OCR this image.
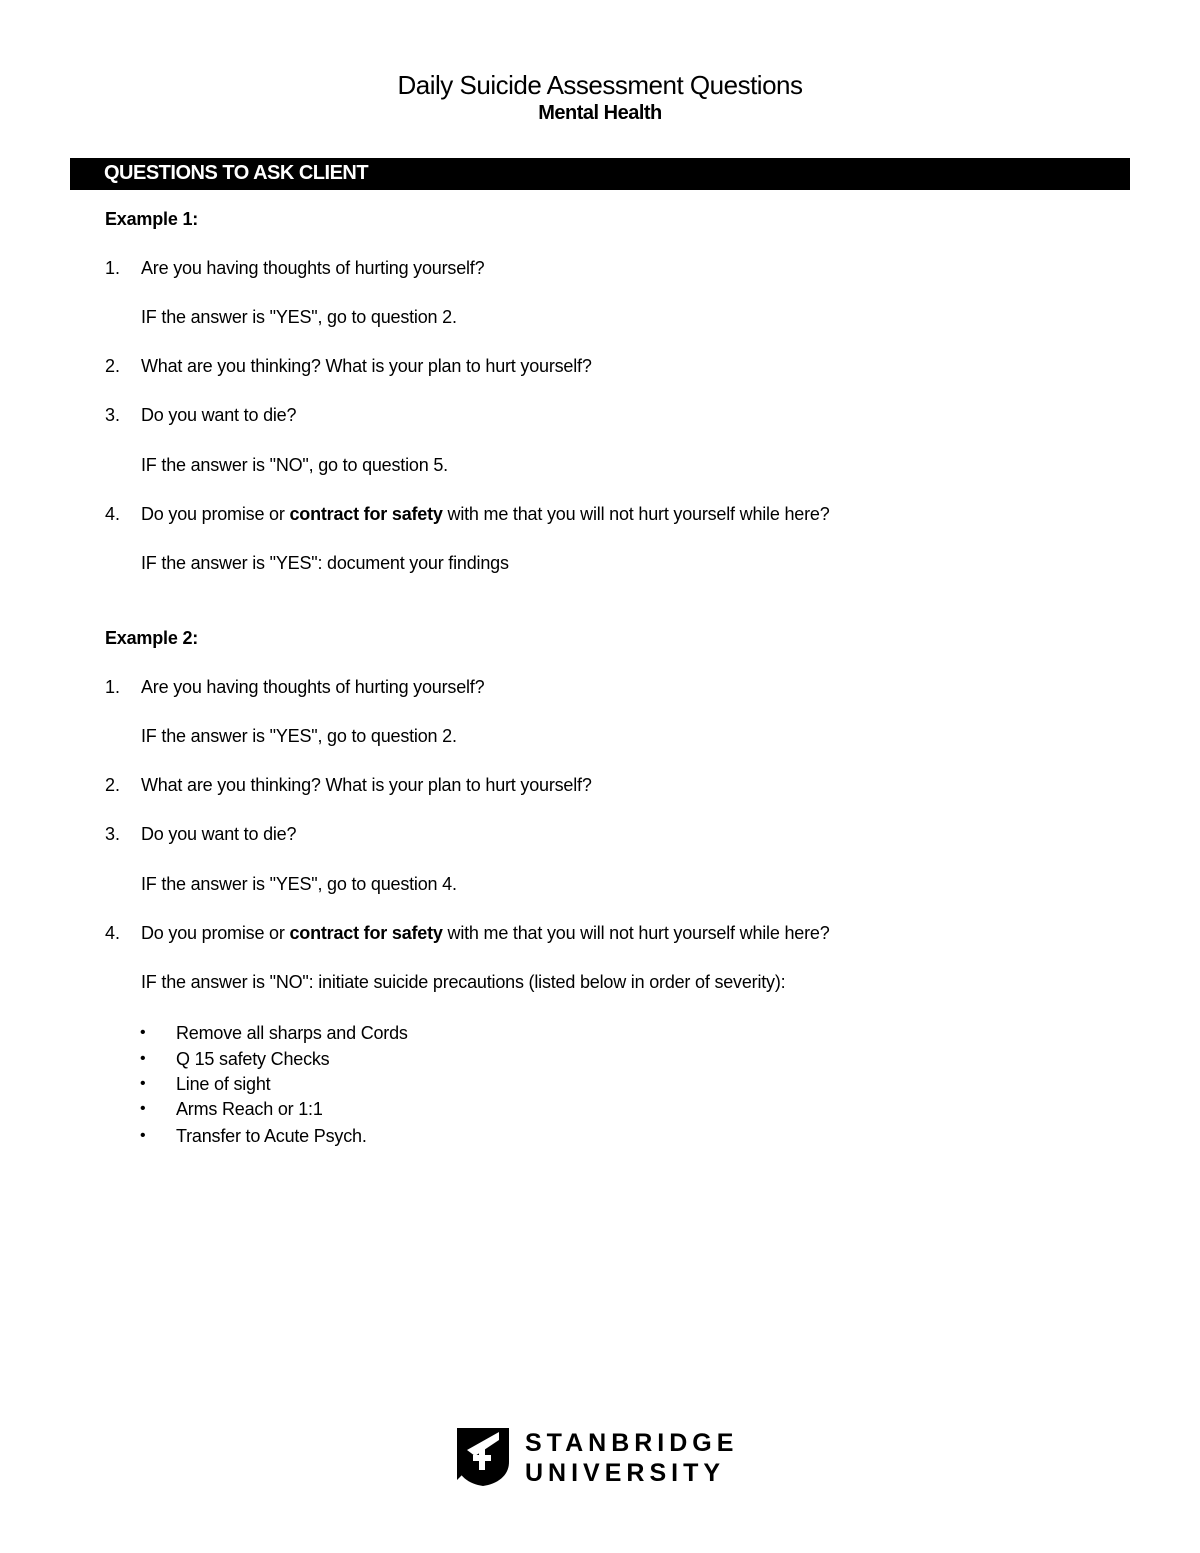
Daily Suicide Assessment Questions
Mental Health
QUESTIONS TO ASK CLIENT
Example 1:
1. Are you having thoughts of hurting yourself?
IF the answer is "YES", go to question 2.
2. What are you thinking? What is your plan to hurt yourself?
3. Do you want to die?
IF the answer is "NO", go to question 5.
4. Do you promise or contract for safety with me that you will not hurt yourself while here?
IF the answer is "YES": document your findings
Example 2:
1. Are you having thoughts of hurting yourself?
IF the answer is "YES", go to question 2.
2. What are you thinking? What is your plan to hurt yourself?
3. Do you want to die?
IF the answer is "YES", go to question 4.
4. Do you promise or contract for safety with me that you will not hurt yourself while here?
IF the answer is "NO": initiate suicide precautions (listed below in order of severity):
• Remove all sharps and Cords
• Q 15 safety Checks
• Line of sight
• Arms Reach or 1:1
• Transfer to Acute Psych.
STANBRIDGE
UNIVERSITY
